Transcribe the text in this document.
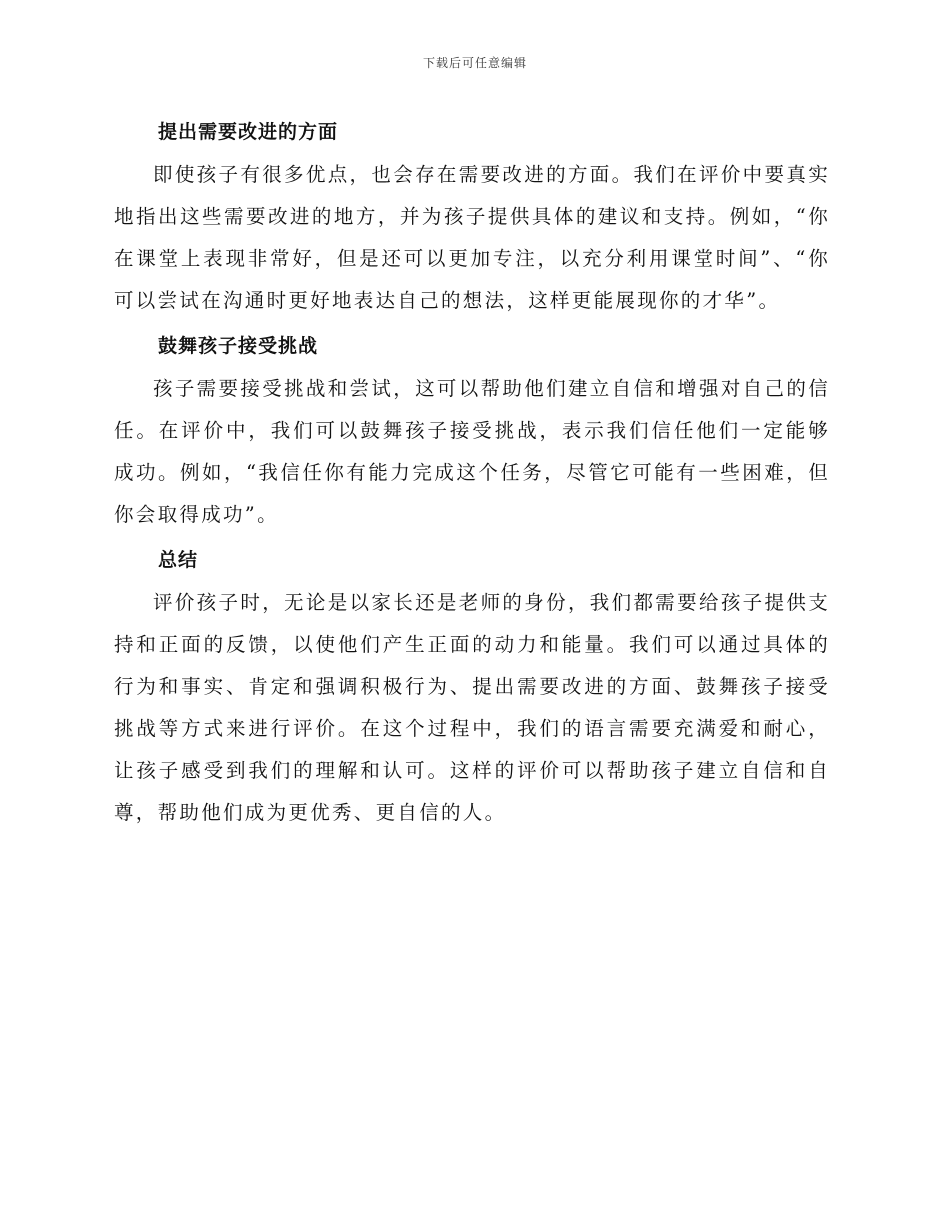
下载后可任意编辑
提出需要改进的方面

即使孩子有很多优点，也会存在需要改进的方面。我们在评价中要真实地指出这些需要改进的地方，并为孩子提供具体的建议和支持。例如，“你在课堂上表现非常好，但是还可以更加专注，以充分利用课堂时间”、“你可以尝试在沟通时更好地表达自己的想法，这样更能展现你的才华”。

鼓舞孩子接受挑战

孩子需要接受挑战和尝试，这可以帮助他们建立自信和增强对自己的信任。在评价中，我们可以鼓舞孩子接受挑战，表示我们信任他们一定能够成功。例如，“我信任你有能力完成这个任务，尽管它可能有一些困难，但你会取得成功”。

总结

评价孩子时，无论是以家长还是老师的身份，我们都需要给孩子提供支持和正面的反馈，以使他们产生正面的动力和能量。我们可以通过具体的行为和事实、肯定和强调积极行为、提出需要改进的方面、鼓舞孩子接受挑战等方式来进行评价。在这个过程中，我们的语言需要充满爱和耐心，让孩子感受到我们的理解和认可。这样的评价可以帮助孩子建立自信和自尊，帮助他们成为更优秀、更自信的人。
